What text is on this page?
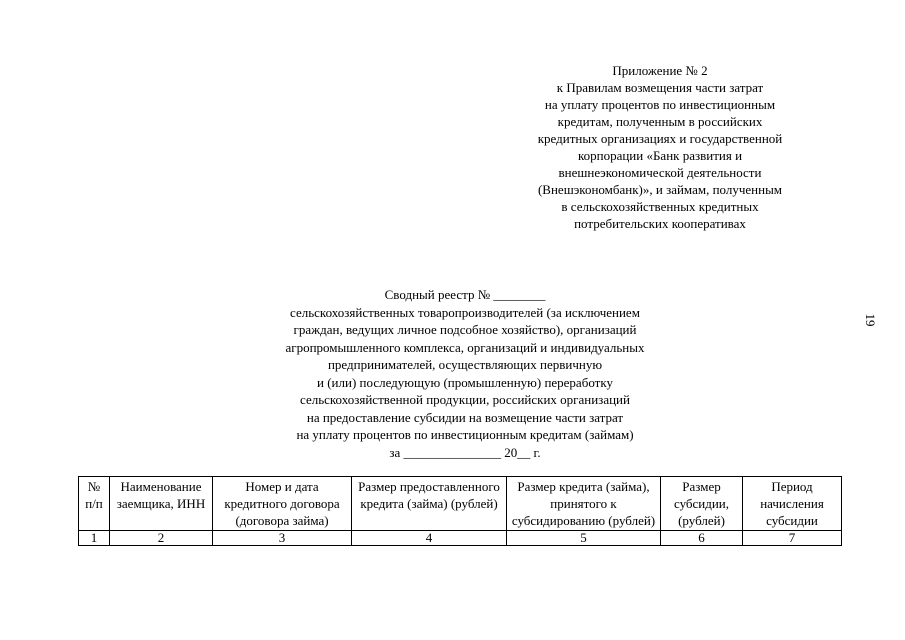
Приложение № 2
к Правилам возмещения части затрат
на уплату процентов по инвестиционным
кредитам, полученным в российских
кредитных организациях и государственной
корпорации «Банк развития и
внешнеэкономической деятельности
(Внешэкономбанк)», и займам, полученным
в сельскохозяйственных кредитных
потребительских кооперативах
Сводный реестр № ________
сельскохозяйственных товаропроизводителей (за исключением
граждан, ведущих личное подсобное хозяйство), организаций
агропромышленного комплекса, организаций и индивидуальных
предпринимателей, осуществляющих первичную
и (или) последующую (промышленную) переработку
сельскохозяйственной продукции, российских организаций
на предоставление субсидии на возмещение части затрат
на уплату процентов по инвестиционным кредитам (займам)
за _______________ 20__ г.
19
№ п/п	Наименование заемщика, ИНН	Номер и дата кредитного договора (договора займа)	Размер предоставленного кредита (займа) (рублей)	Размер кредита (займа), принятого к субсидированию (рублей)	Размер субсидии, (рублей)	Период начисления субсидии
1	2	3	4	5	6	7
